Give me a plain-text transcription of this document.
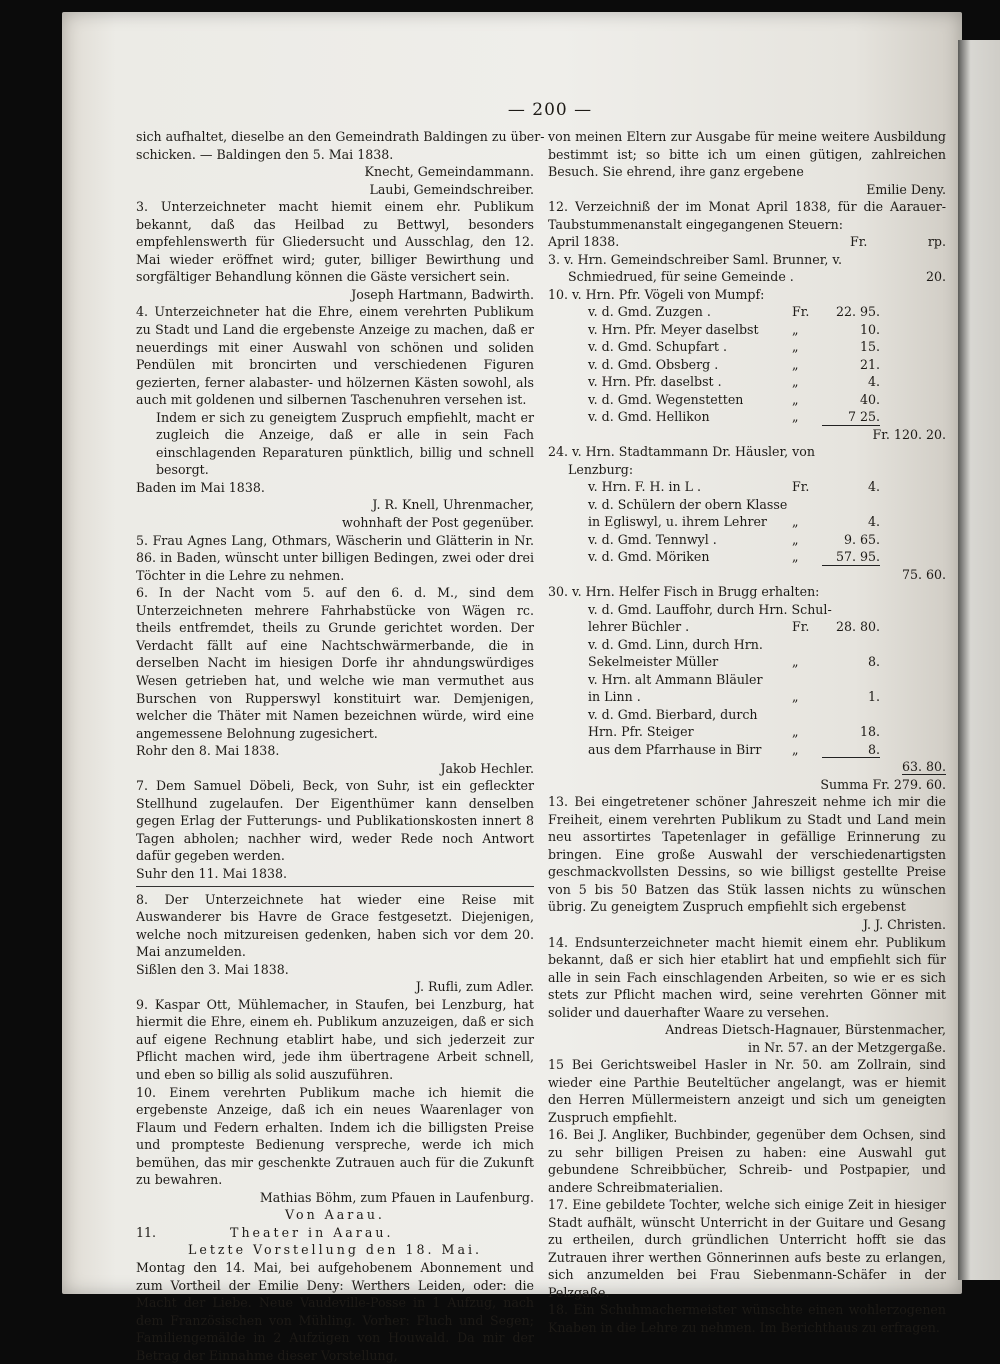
— 200 —
sich aufhaltet, dieselbe an den Gemeindrath Baldingen zu über-
schicken. — Baldingen den 5. Mai 1838.
Knecht, Gemeindammann.
Laubi, Gemeindschreiber.

3. Unterzeichneter macht hiemit einem ehr. Publikum bekannt, daß das Heilbad zu Bettwyl, besonders empfehlenswerth für Gliedersucht und Ausschlag, den 12. Mai wieder eröffnet wird; guter, billiger Bewirthung und sorgfältiger Behandlung können die Gäste versichert sein.

Joseph Hartmann, Badwirth.

4. Unterzeichneter hat die Ehre, einem verehrten Publikum zu Stadt und Land die ergebenste Anzeige zu machen, daß er neuerdings mit einer Auswahl von schönen und soliden Pendülen mit broncirten und verschiedenen Figuren gezierten, ferner alabaster- und hölzernen Kästen sowohl, als auch mit goldenen und silbernen Taschenuhren versehen ist.

Indem er sich zu geneigtem Zuspruch empfiehlt, macht er zugleich die Anzeige, daß er alle in sein Fach einschlagenden Reparaturen pünktlich, billig und schnell besorgt.

Baden im Mai 1838.
J. R. Knell, Uhrenmacher,
wohnhaft der Post gegenüber.

5. Frau Agnes Lang, Othmars, Wäscherin und Glätterin in Nr. 86. in Baden, wünscht unter billigen Bedingen, zwei oder drei Töchter in die Lehre zu nehmen.

6. In der Nacht vom 5. auf den 6. d. M., sind dem Unterzeichneten mehrere Fahrhabstücke von Wägen rc. theils entfremdet, theils zu Grunde gerichtet worden. Der Verdacht fällt auf eine Nachtschwärmerbande, die in derselben Nacht im hiesigen Dorfe ihr ahndungswürdiges Wesen getrieben hat, und welche wie man vermuthet aus Burschen von Rupperswyl konstituirt war. Demjenigen, welcher die Thäter mit Namen bezeichnen würde, wird eine angemessene Belohnung zugesichert.

Rohr den 8. Mai 1838.
Jakob Hechler.

7. Dem Samuel Döbeli, Beck, von Suhr, ist ein gefleckter Stellhund zugelaufen. Der Eigenthümer kann denselben gegen Erlag der Futterungs- und Publikationskosten innert 8 Tagen abholen; nachher wird, weder Rede noch Antwort dafür gegeben werden.

Suhr den 11. Mai 1838.

8. Der Unterzeichnete hat wieder eine Reise mit Auswanderer bis Havre de Grace festgesetzt. Diejenigen, welche noch mitzureisen gedenken, haben sich vor dem 20. Mai anzumelden.

Sißlen den 3. Mai 1838.
J. Rufli, zum Adler.

9. Kaspar Ott, Mühlemacher, in Staufen, bei Lenzburg, hat hiermit die Ehre, einem eh. Publikum anzuzeigen, daß er sich auf eigene Rechnung etablirt habe, und sich jederzeit zur Pflicht machen wird, jede ihm übertragene Arbeit schnell, und eben so billig als solid auszuführen.

10. Einem verehrten Publikum mache ich hiemit die ergebenste Anzeige, daß ich ein neues Waarenlager von Flaum und Federn erhalten. Indem ich die billigsten Preise und prompteste Bedienung verspreche, werde ich mich bemühen, das mir geschenkte Zutrauen auch für die Zukunft zu bewahren.

Mathias Böhm, zum Pfauen in Laufenburg.
Von Aarau.
11.	Theater in Aarau.
Letzte Vorstellung den 18. Mai.

Montag den 14. Mai, bei aufgehobenem Abonnement und zum Vortheil der Emilie Deny: Werthers Leiden, oder: die Macht der Liebe. Neue Vaudeville-Posse in 1 Aufzug, nach dem Französischen von Mühling. Vorher: Fluch und Segen; Familiengemälde in 2 Aufzügen von Houwald. Da mir der Betrag der Einnahme dieser Vorstellung,

von meinen Eltern zur Ausgabe für meine weitere Ausbildung bestimmt ist; so bitte ich um einen gütigen, zahlreichen Besuch. Sie ehrend, ihre ganz ergebene

Emilie Deny.

12. Verzeichniß der im Monat April 1838, für die Aarauer-Taubstummenanstalt eingegangenen Steuern:

April 1838.	Fr.	rp.
3. v. Hrn. Gemeindschreiber Saml. Brunner, v.
Schmiedrued, für seine Gemeinde .	20.
10. v. Hrn. Pfr. Vögeli von Mumpf:
v. d. Gmd. Zuzgen .	Fr.	22. 95.
v. Hrn. Pfr. Meyer daselbst	„	10.
v. d. Gmd. Schupfart .	„	15.
v. d. Gmd. Obsberg .	„	21.
v. Hrn. Pfr. daselbst .	„	4.
v. d. Gmd. Wegenstetten	„	40.
v. d. Gmd. Hellikon	„	7 25.
Fr. 120. 20.
24. v. Hrn. Stadtammann Dr. Häusler, von
Lenzburg:
v. Hrn. F. H. in L .	Fr.	4.
v. d. Schülern der obern Klasse
in Egliswyl, u. ihrem Lehrer	„	4.
v. d. Gmd. Tennwyl .	„	9. 65.
v. d. Gmd. Möriken	„	57. 95.
75. 60.
30. v. Hrn. Helfer Fisch in Brugg erhalten:
v. d. Gmd. Lauffohr, durch Hrn. Schul-
lehrer Büchler .	Fr.	28. 80.
v. d. Gmd. Linn, durch Hrn.
Sekelmeister Müller	„	8.
v. Hrn. alt Ammann Bläuler
in Linn .	„	1.
v. d. Gmd. Bierbard, durch
Hrn. Pfr. Steiger	„	18.
aus dem Pfarrhause in Birr	„	8.
63. 80.
Summa Fr. 279. 60.

13. Bei eingetretener schöner Jahreszeit nehme ich mir die Freiheit, einem verehrten Publikum zu Stadt und Land mein neu assortirtes Tapetenlager in gefällige Erinnerung zu bringen. Eine große Auswahl der verschiedenartigsten geschmackvollsten Dessins, so wie billigst gestellte Preise von 5 bis 50 Batzen das Stük lassen nichts zu wünschen übrig. Zu geneigtem Zuspruch empfiehlt sich ergebenst

J. J. Christen.

14. Endsunterzeichneter macht hiemit einem ehr. Publikum bekannt, daß er sich hier etablirt hat und empfiehlt sich für alle in sein Fach einschlagenden Arbeiten, so wie er es sich stets zur Pflicht machen wird, seine verehrten Gönner mit solider und dauerhafter Waare zu versehen.

Andreas Dietsch-Hagnauer, Bürstenmacher,
in Nr. 57. an der Metzgergaße.

15 Bei Gerichtsweibel Hasler in Nr. 50. am Zollrain, sind wieder eine Parthie Beuteltücher angelangt, was er hiemit den Herren Müllermeistern anzeigt und sich um geneigten Zuspruch empfiehlt.

16. Bei J. Angliker, Buchbinder, gegenüber dem Ochsen, sind zu sehr billigen Preisen zu haben: eine Auswahl gut gebundene Schreibbücher, Schreib- und Postpapier, und andere Schreibmaterialien.

17. Eine gebildete Tochter, welche sich einige Zeit in hiesiger Stadt aufhält, wünscht Unterricht in der Guitare und Gesang zu ertheilen, durch gründlichen Unterricht hofft sie das Zutrauen ihrer werthen Gönnerinnen aufs beste zu erlangen, sich anzumelden bei Frau Siebenmann-Schäfer in der Pelzgaße.

18. Ein Schuhmachermeister wünschte einen wohlerzogenen Knaben in die Lehre zu nehmen. Im Berichthaus zu erfragen.
